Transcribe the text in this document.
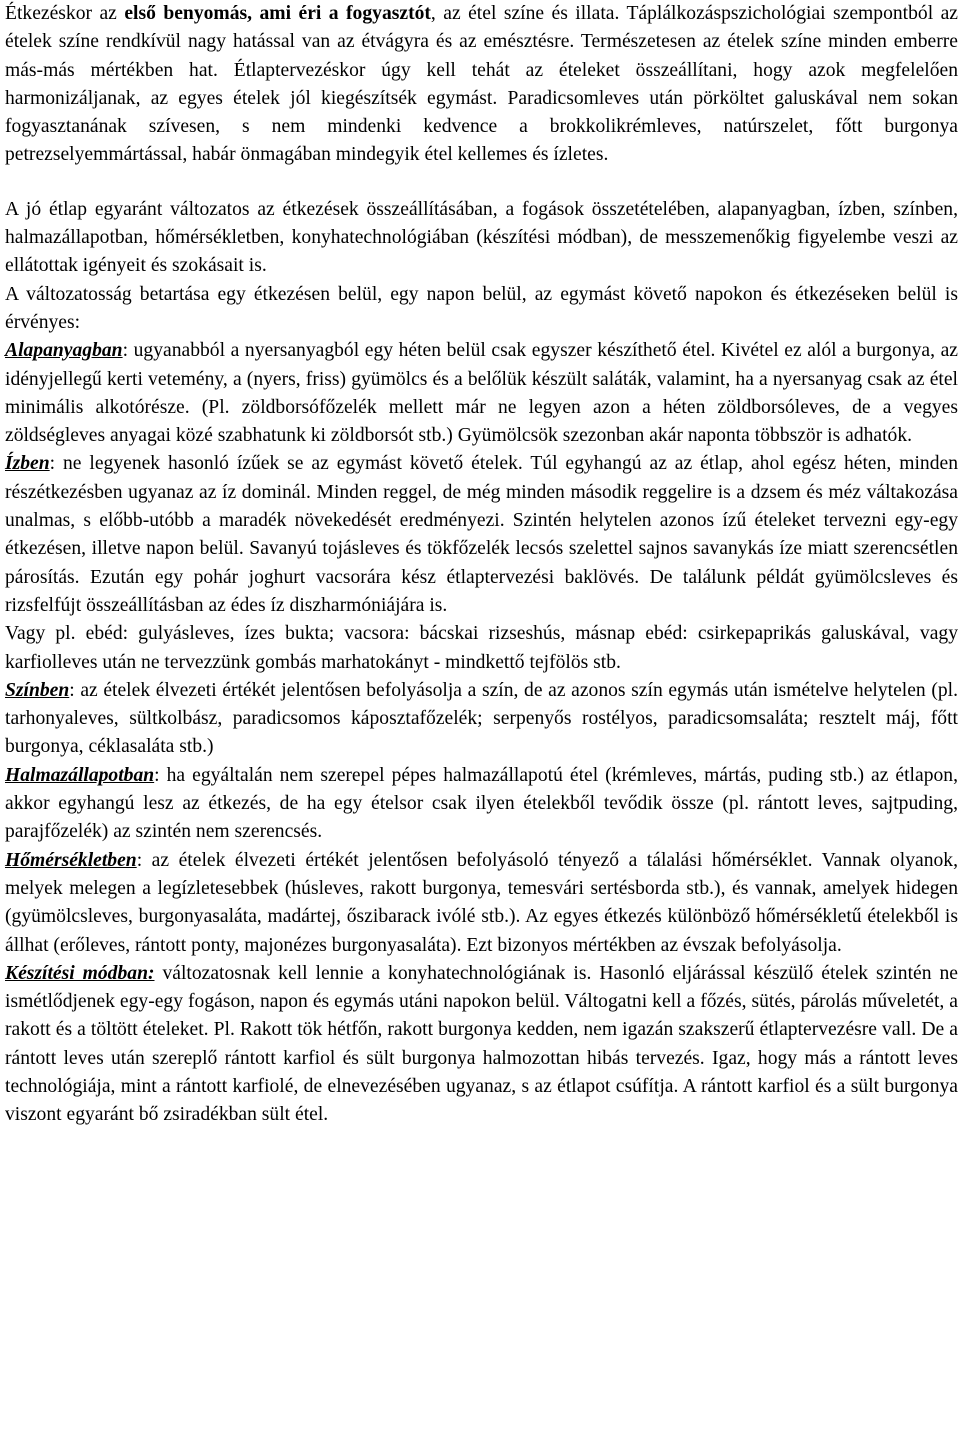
Étkezéskor az első benyomás, ami éri a fogyasztót, az étel színe és illata. Táplálkozáspszichológiai szempontból az ételek színe rendkívül nagy hatással van az étvágyra és az emésztésre. Természetesen az ételek színe minden emberre más-más mértékben hat. Étlaptervezéskor úgy kell tehát az ételeket összeállítani, hogy azok megfelelően harmonizáljanak, az egyes ételek jól kiegészítsék egymást. Paradicsomleves után pörköltet galuskával nem sokan fogyasztanának szívesen, s nem mindenki kedvence a brokkolikrémleves, natúrszelet, főtt burgonya petrezselyemmártással, habár önmagában mindegyik étel kellemes és ízletes.

A jó étlap egyaránt változatos az étkezések összeállításában, a fogások összetételében, alapanyagban, ízben, színben, halmazállapotban, hőmérsékletben, konyhatechnológiában (készítési módban), de messzemenőkig figyelembe veszi az ellátottak igényeit és szokásait is.

A változatosság betartása egy étkezésen belül, egy napon belül, az egymást követő napokon és étkezéseken belül is érvényes:

Alapanyagban: ugyanabból a nyersanyagból egy héten belül csak egyszer készíthető étel. Kivétel ez alól a burgonya, az idényjellegű kerti vetemény, a (nyers, friss) gyümölcs és a belőlük készült saláták, valamint, ha a nyersanyag csak az étel minimális alkotórésze. (Pl. zöldborsófőzelék mellett már ne legyen azon a héten zöldborsóleves, de a vegyes zöldségleves anyagai közé szabhatunk ki zöldborsót stb.) Gyümölcsök szezonban akár naponta többször is adhatók.

Ízben: ne legyenek hasonló ízűek se az egymást követő ételek. Túl egyhangú az az étlap, ahol egész héten, minden részétkezésben ugyanaz az íz dominál. Minden reggel, de még minden második reggelire is a dzsem és méz váltakozása unalmas, s előbb-utóbb a maradék növekedését eredményezi. Szintén helytelen azonos ízű ételeket tervezni egy-egy étkezésen, illetve napon belül. Savanyú tojásleves és tökfőzelék lecsós szelettel sajnos savanykás íze miatt szerencsétlen párosítás. Ezután egy pohár joghurt vacsorára kész étlaptervezési baklövés. De találunk példát gyümölcsleves és rizsfelfújt összeállításban az édes íz diszharmóniájára is.

Vagy pl. ebéd: gulyásleves, ízes bukta; vacsora: bácskai rizseshús, másnap ebéd: csirkepaprikás galuskával, vagy karfiolleves után ne tervezzünk gombás marhatokányt - mindkettő tejfölös stb.

Színben: az ételek élvezeti értékét jelentősen befolyásolja a szín, de az azonos szín egymás után ismételve helytelen (pl. tarhonyaleves, sültkolbász, paradicsomos káposztafőzelék; serpenyős rostélyos, paradicsomsaláta; resztelt máj, főtt burgonya, céklasaláta stb.)

Halmazállapotban: ha egyáltalán nem szerepel pépes halmazállapotú étel (krémleves, mártás, puding stb.) az étlapon, akkor egyhangú lesz az étkezés, de ha egy ételsor csak ilyen ételekből tevődik össze (pl. rántott leves, sajtpuding, parajfőzelék) az szintén nem szerencsés.

Hőmérsékletben: az ételek élvezeti értékét jelentősen befolyásoló tényező a tálalási hőmérséklet. Vannak olyanok, melyek melegen a legízletesebbek (húsleves, rakott burgonya, temesvári sertésborda stb.), és vannak, amelyek hidegen (gyümölcsleves, burgonyasaláta, madártej, őszibarack ivólé stb.). Az egyes étkezés különböző hőmérsékletű ételekből is állhat (erőleves, rántott ponty, majonézes burgonyasaláta). Ezt bizonyos mértékben az évszak befolyásolja.

Készítési módban: változatosnak kell lennie a konyhatechnológiának is. Hasonló eljárással készülő ételek szintén ne ismétlődjenek egy-egy fogáson, napon és egymás utáni napokon belül. Váltogatni kell a főzés, sütés, párolás műveletét, a rakott és a töltött ételeket. Pl. Rakott tök hétfőn, rakott burgonya kedden, nem igazán szakszerű étlaptervezésre vall. De a rántott leves után szereplő rántott karfiol és sült burgonya halmozottan hibás tervezés. Igaz, hogy más a rántott leves technológiája, mint a rántott karfiolé, de elnevezésében ugyanaz, s az étlapot csúfítja. A rántott karfiol és a sült burgonya viszont egyaránt bő zsiradékban sült étel.
